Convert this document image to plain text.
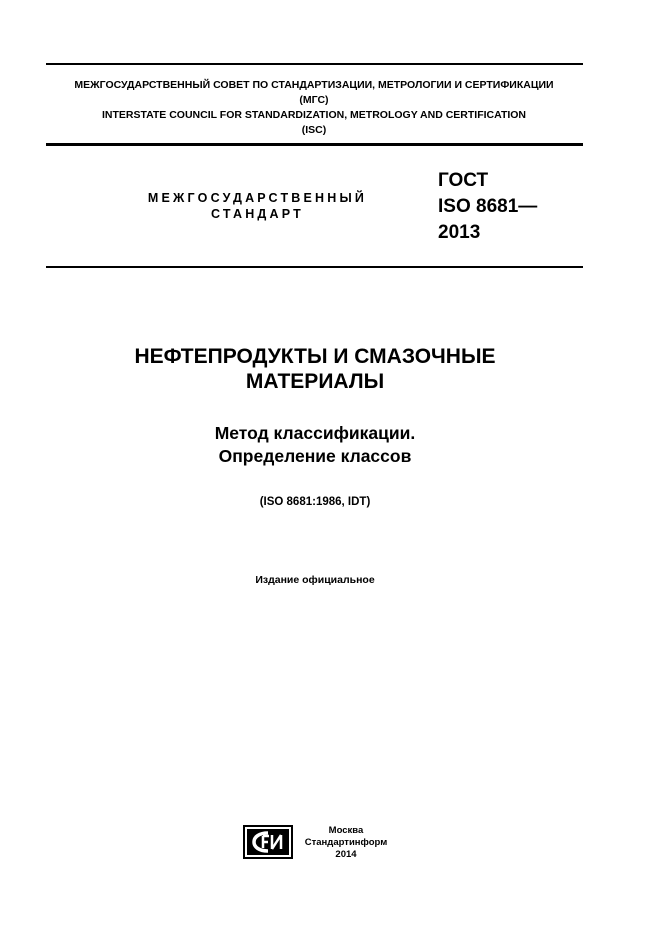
МЕЖГОСУДАРСТВЕННЫЙ СОВЕТ ПО СТАНДАРТИЗАЦИИ, МЕТРОЛОГИИ И СЕРТИФИКАЦИИ
(МГС)
INTERSTATE COUNCIL FOR STANDARDIZATION, METROLOGY AND CERTIFICATION
(ISC)
МЕЖГОСУДАРСТВЕННЫЙ
СТАНДАРТ
ГОСТ
ISO 8681—
2013
НЕФТЕПРОДУКТЫ И СМАЗОЧНЫЕ
МАТЕРИАЛЫ
Метод классификации.
Определение классов
(ISO 8681:1986, IDT)
Издание официальное
Москва
Стандартинформ
2014
